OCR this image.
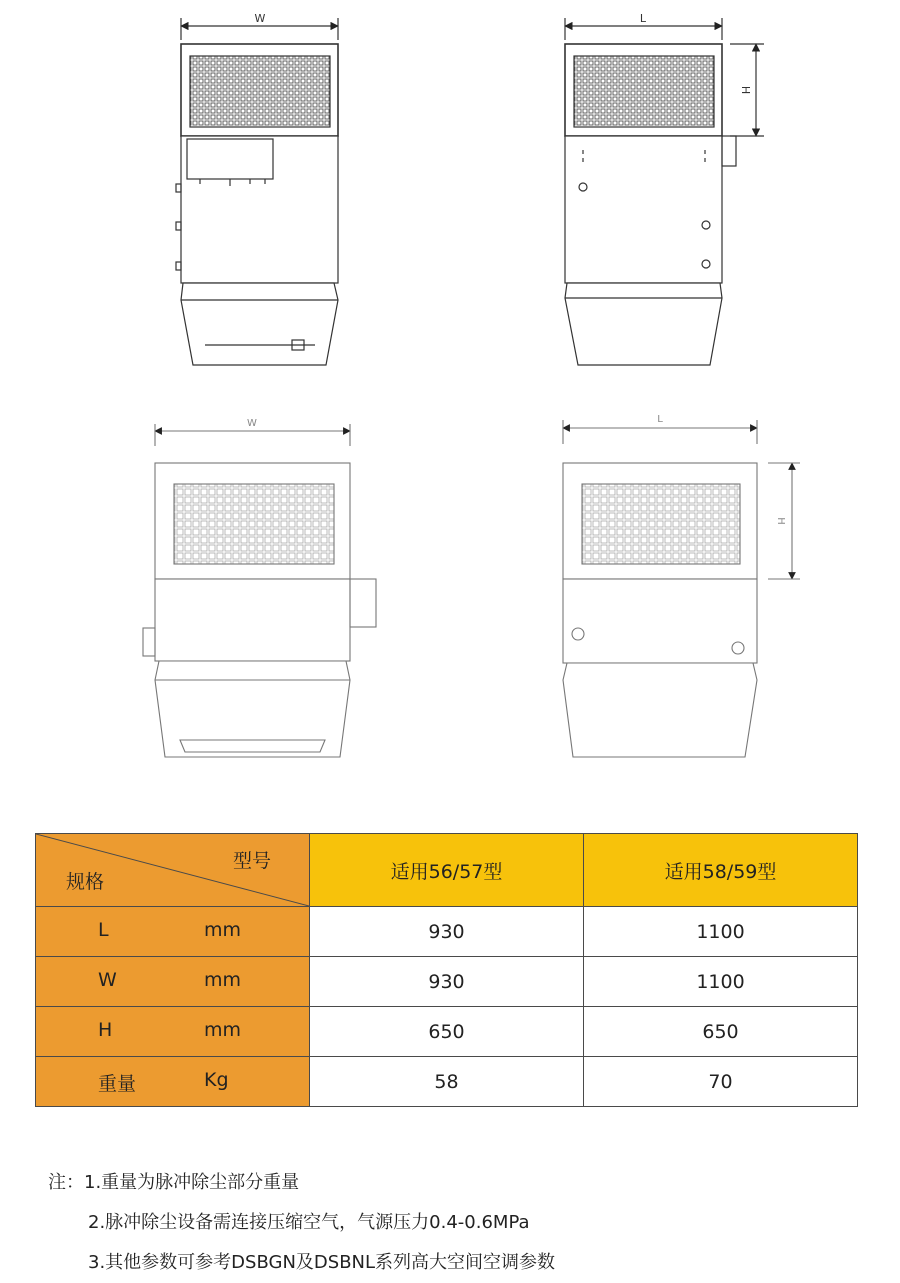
W	L
H
W	L
H
型号
规格	适用56/57型	适用58/59型

L mm	930	1100

W mm	930	1100

H mm	650	650

重量 Kg	58	70
注：1.重量为脉冲除尘部分重量
2.脉冲除尘设备需连接压缩空气，气源压力0.4-0.6MPa
3.其他参数可参考DSBGN及DSBNL系列高大空间空调参数
